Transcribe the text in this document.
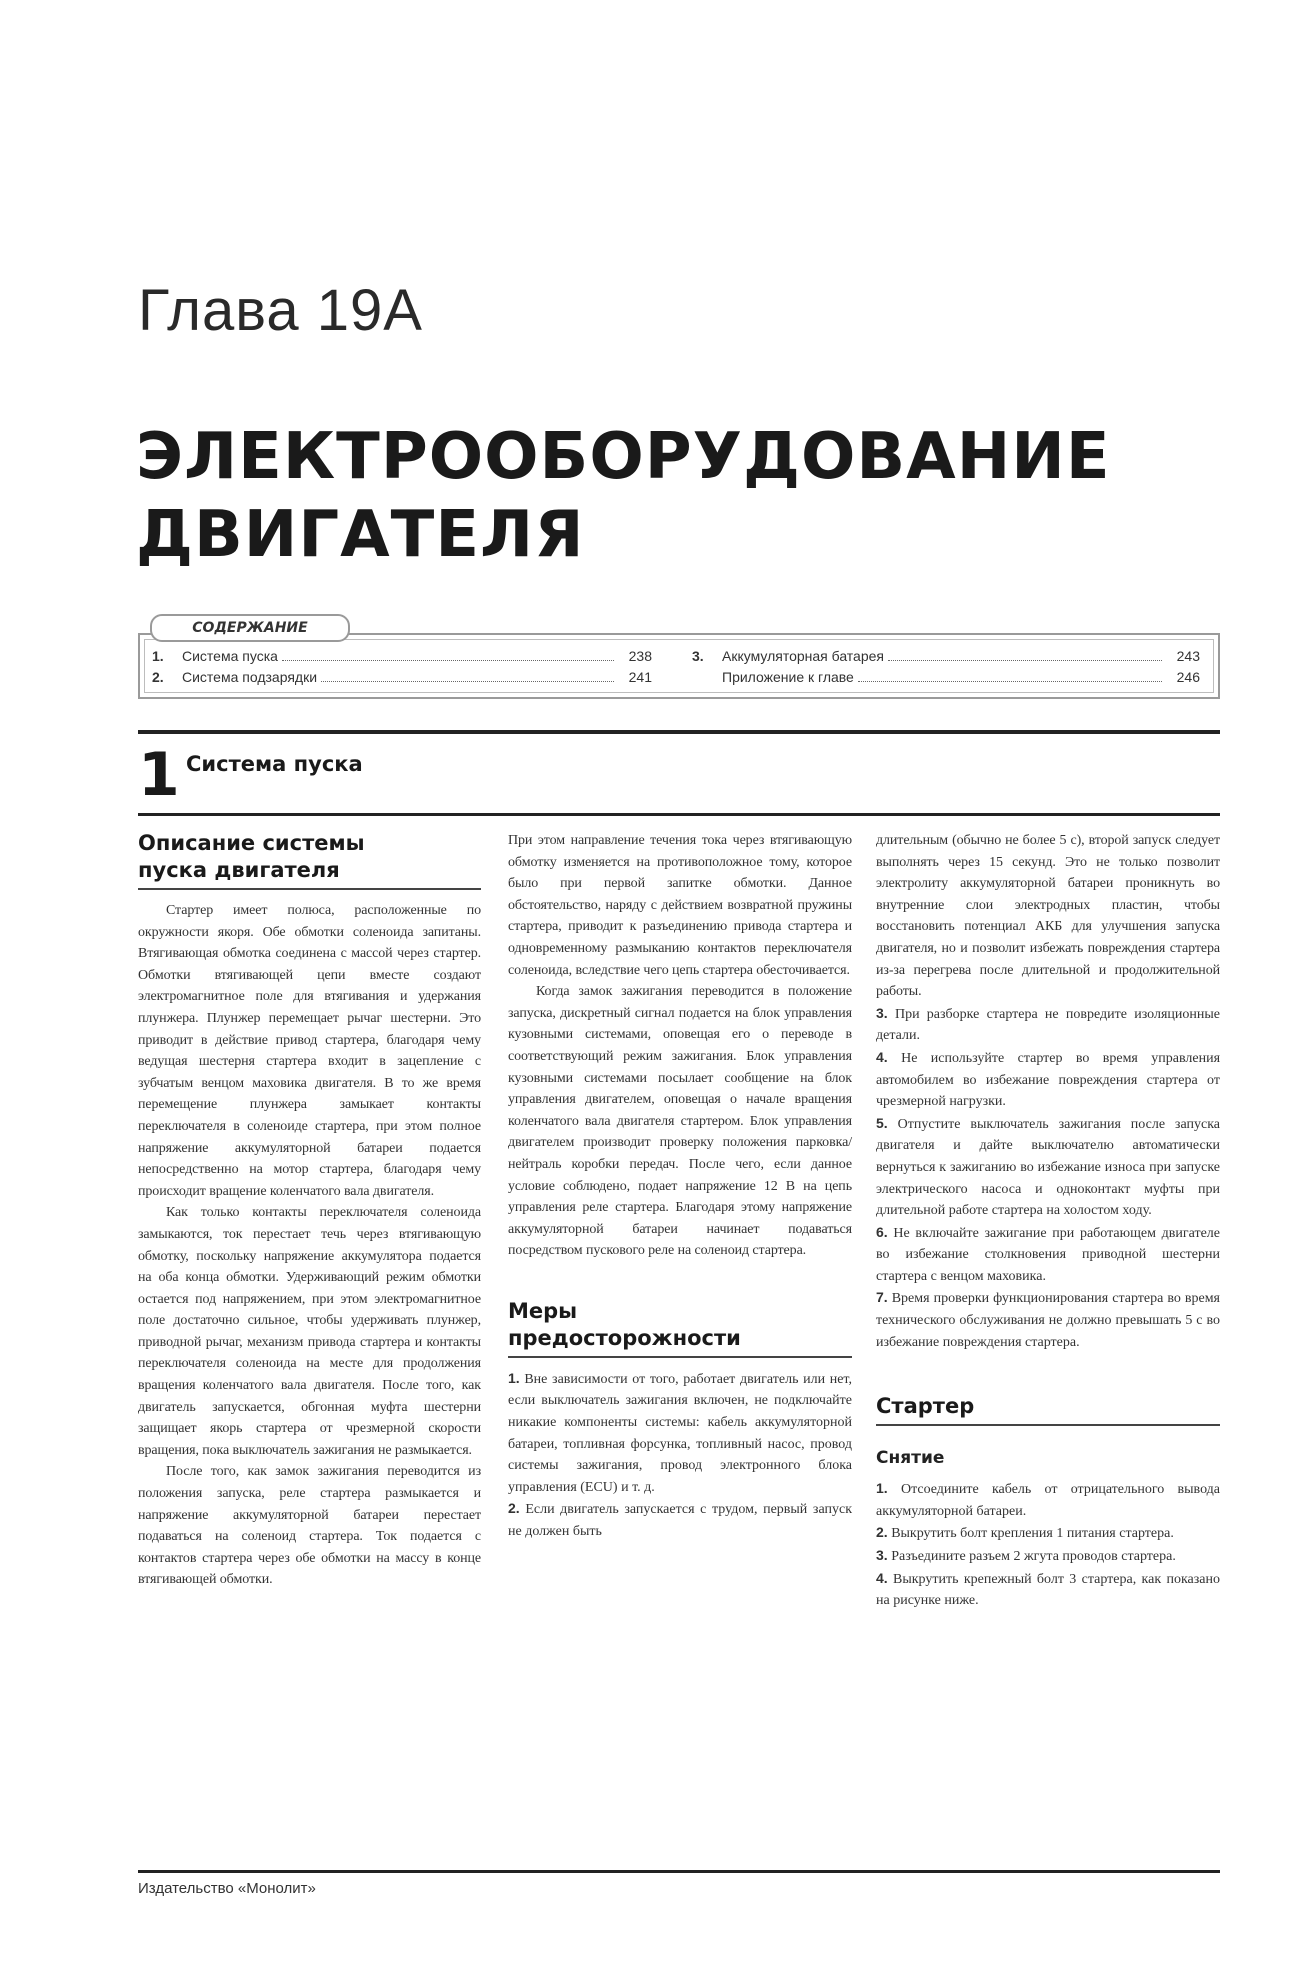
Глава 19А
ЭЛЕКТРООБОРУДОВАНИЕ
ДВИГАТЕЛЯ
СОДЕРЖАНИЕ
1.	Система пуска	238
2.	Система подзарядки	241
3.	Аккумуляторная батарея	243
Приложение к главе	246
1 Система пуска
Описание системы
пуска двигателя

Стартер имеет полюса, расположенные по окружности якоря. Обе обмотки соленоида запитаны. Втягивающая обмотка соединена с массой через стартер. Обмотки втягивающей цепи вместе создают электромагнитное поле для втягивания и удержания плунжера. Плунжер перемещает рычаг шестерни. Это приводит в действие привод стартера, благодаря чему ведущая шестерня стартера входит в зацепление с зубчатым венцом маховика двигателя. В то же время перемещение плунжера замыкает контакты переключателя в соленоиде стартера, при этом полное напряжение аккумуляторной батареи подается непосредственно на мотор стартера, благодаря чему происходит вращение коленчатого вала двигателя.

Как только контакты переключателя соленоида замыкаются, ток перестает течь через втягивающую обмотку, поскольку напряжение аккумулятора подается на оба конца обмотки. Удерживающий режим обмотки остается под напряжением, при этом электромагнитное поле достаточно сильное, чтобы удерживать плунжер, приводной рычаг, механизм привода стартера и контакты переключателя соленоида на месте для продолжения вращения коленчатого вала двигателя. После того, как двигатель запускается, обгонная муфта шестерни защищает якорь стартера от чрезмерной скорости вращения, пока выключатель зажигания не размыкается.

После того, как замок зажигания переводится из положения запуска, реле стартера размыкается и напряжение аккумуляторной батареи перестает подаваться на соленоид стартера. Ток подается с контактов стартера через обе обмотки на массу в конце втягивающей обмотки.

При этом направление течения тока через втягивающую обмотку изменяется на противоположное тому, которое было при первой запитке обмотки. Данное обстоятельство, наряду с действием возвратной пружины стартера, приводит к разъединению привода стартера и одновременному размыканию контактов переключателя соленоида, вследствие чего цепь стартера обесточивается.

Когда замок зажигания переводится в положение запуска, дискретный сигнал подается на блок управления кузовными системами, оповещая его о переводе в соответствующий режим зажигания. Блок управления кузовными системами посылает сообщение на блок управления двигателем, оповещая о начале вращения коленчатого вала двигателя стартером. Блок управления двигателем производит проверку положения парковка/нейтраль коробки передач. После чего, если данное условие соблюдено, подает напряжение 12 В на цепь управления реле стартера. Благодаря этому напряжение аккумуляторной батареи начинает подаваться посредством пускового реле на соленоид стартера.

Меры
предосторожности

1. Вне зависимости от того, работает двигатель или нет, если выключатель зажигания включен, не подключайте никакие компоненты системы: кабель аккумуляторной батареи, топливная форсунка, топливный насос, провод системы зажигания, провод электронного блока управления (ECU) и т. д.

2. Если двигатель запускается с трудом, первый запуск не должен быть

длительным (обычно не более 5 с), второй запуск следует выполнять через 15 секунд. Это не только позволит электролиту аккумуляторной батареи проникнуть во внутренние слои электродных пластин, чтобы восстановить потенциал АКБ для улучшения запуска двигателя, но и позволит избежать повреждения стартера из-за перегрева после длительной и продолжительной работы.

3. При разборке стартера не повредите изоляционные детали.

4. Не используйте стартер во время управления автомобилем во избежание повреждения стартера от чрезмерной нагрузки.

5. Отпустите выключатель зажигания после запуска двигателя и дайте выключателю автоматически вернуться к зажиганию во избежание износа при запуске электрического насоса и одноконтакт муфты при длительной работе стартера на холостом ходу.

6. Не включайте зажигание при работающем двигателе во избежание столкновения приводной шестерни стартера с венцом маховика.

7. Время проверки функционирования стартера во время технического обслуживания не должно превышать 5 с во избежание повреждения стартера.

Стартер
Снятие

1. Отсоедините кабель от отрицательного вывода аккумуляторной батареи.

2. Выкрутить болт крепления 1 питания стартера.

3. Разъедините разъем 2 жгута проводов стартера.

4. Выкрутить крепежный болт 3 стартера, как показано на рисунке ниже.

Издательство «Монолит»
